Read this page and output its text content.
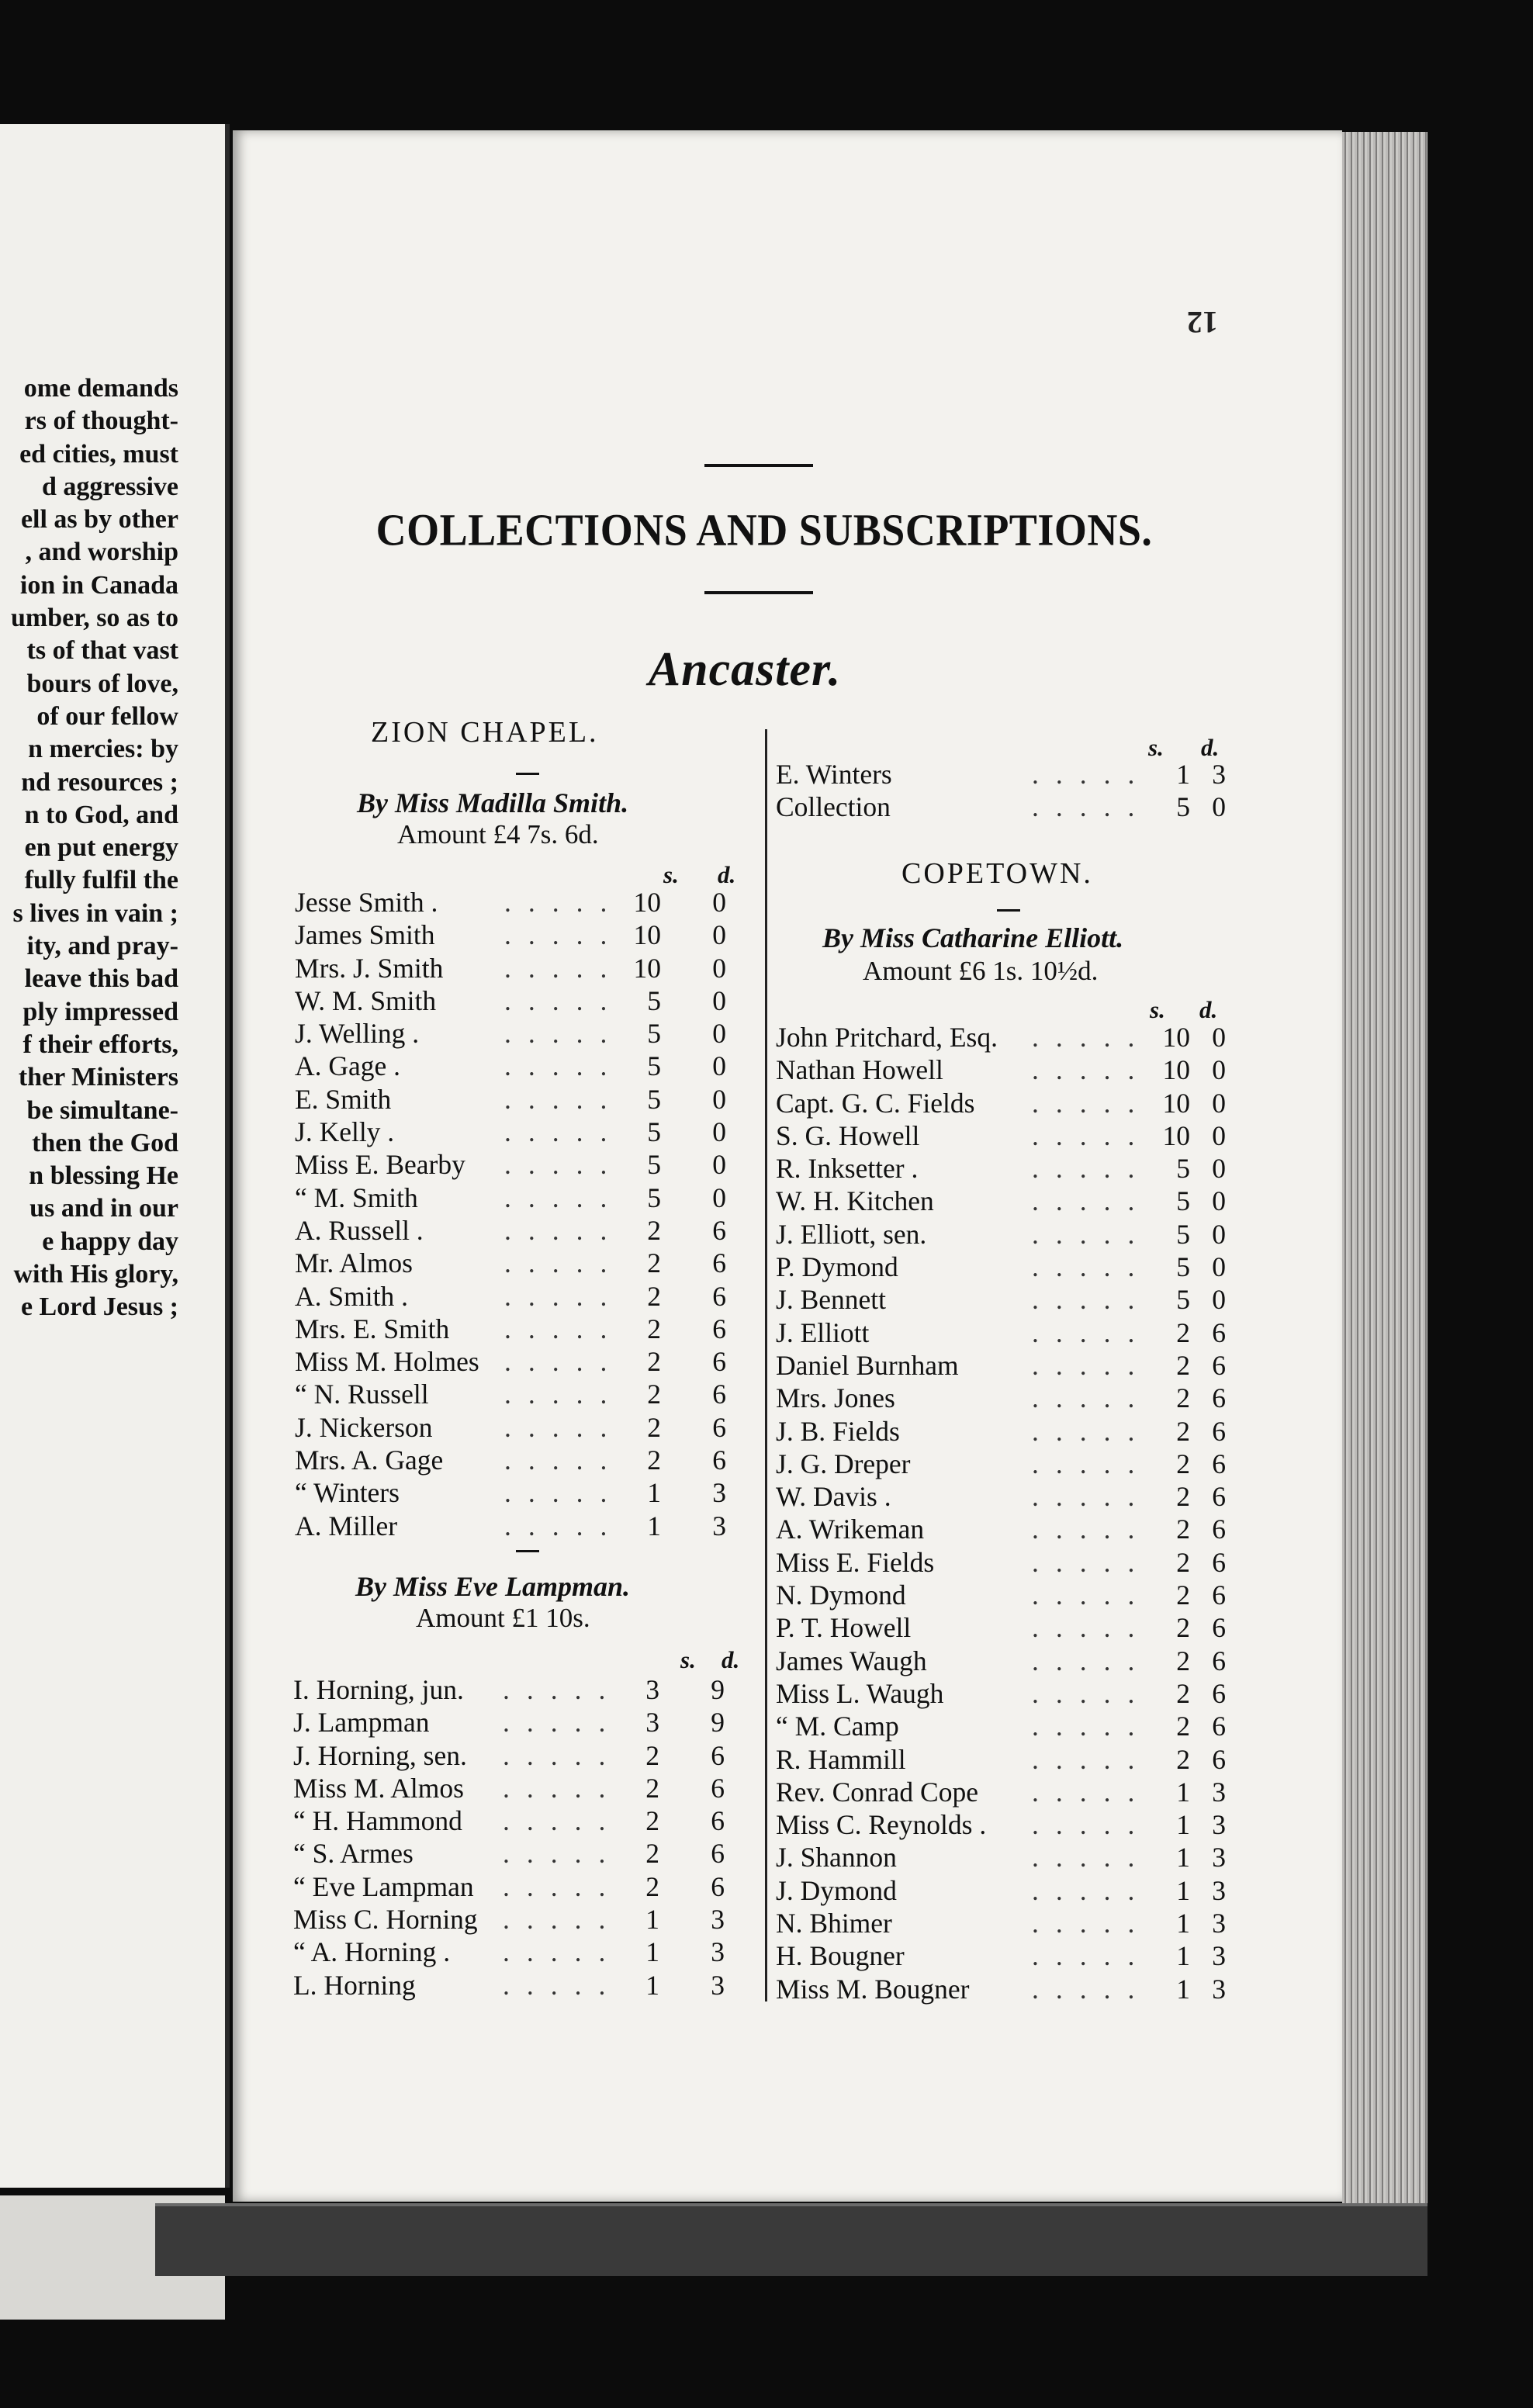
ome demands
rs of thought-
ed cities, must
d aggressive
ell as by other
, and worship
ion in Canada
umber, so as to
ts of that vast
bours of love,
of our fellow
n mercies: by
nd resources ;
n to God, and
en put energy
fully fulfil the
s lives in vain ;
ity, and pray-
leave this bad
ply impressed
f their efforts,
ther Ministers
be simultane-
then the God
n blessing He
us and in our
e happy day
with His glory,
e Lord Jesus ;
12
COLLECTIONS AND SUBSCRIPTIONS.
Ancaster.
ZION CHAPEL.
By Miss Madilla Smith.
Amount £4 7s. 6d.
s. d.
Jesse Smith . ..... 10	0
James Smith	..... 10	0
Mrs. J. Smith ..... 10	0
W. M. Smith ..... 5	0
J. Welling .	..... 5	0
A. Gage .	..... 5	0
E. Smith	..... 5	0
J. Kelly .	..... 5	0
Miss E. Bearby ..... 5	0
“ M. Smith	..... 5	0
A. Russell .	..... 2	6
Mr. Almos	..... 2	6
A. Smith .	..... 2	6
Mrs. E. Smith ..... 2	6
Miss M. Holmes ..... 2	6
“ N. Russell	..... 2	6
J. Nickerson	..... 2	6
Mrs. A. Gage ..... 2	6
“ Winters	..... 1	3
A. Miller	..... 1	3
By Miss Eve Lampman.
Amount £1 10s.
s. d.
I. Horning, jun. ..... 3	9
J. Lampman	..... 3	9
J. Horning, sen. ..... 2	6
Miss M. Almos ..... 2	6
“ H. Hammond ..... 2	6
“ S. Armes	..... 2	6
“ Eve Lampman ..... 2	6
Miss C. Horning ..... 1	3
“ A. Horning . ..... 1	3
L. Horning	..... 1	3
s. d.
E. Winters	..... 1 3
Collection	..... 5 0
COPETOWN.
By Miss Catharine Elliott.
Amount £6 1s. 10½d.
s. d.
John Pritchard, Esq. ..... 10 0
Nathan Howell	..... 10 0
Capt. G. C. Fields ..... 10 0
S. G. Howell	..... 10 0
R. Inksetter .	..... 5 0
W. H. Kitchen	..... 5 0
J. Elliott, sen.	..... 5 0
P. Dymond	..... 5 0
J. Bennett	..... 5 0
J. Elliott	..... 2 6
Daniel Burnham	..... 2 6
Mrs. Jones	..... 2 6
J. B. Fields	..... 2 6
J. G. Dreper	..... 2 6
W. Davis .	..... 2 6
A. Wrikeman	..... 2 6
Miss E. Fields	..... 2 6
N. Dymond	..... 2 6
P. T. Howell	..... 2 6
James Waugh	..... 2 6
Miss L. Waugh	..... 2 6
“ M. Camp	..... 2 6
R. Hammill	..... 2 6
Rev. Conrad Cope ..... 1 3
Miss C. Reynolds . ..... 1 3
J. Shannon	..... 1 3
J. Dymond	..... 1 3
N. Bhimer	..... 1 3
H. Bougner	..... 1 3
Miss M. Bougner ..... 1 3
